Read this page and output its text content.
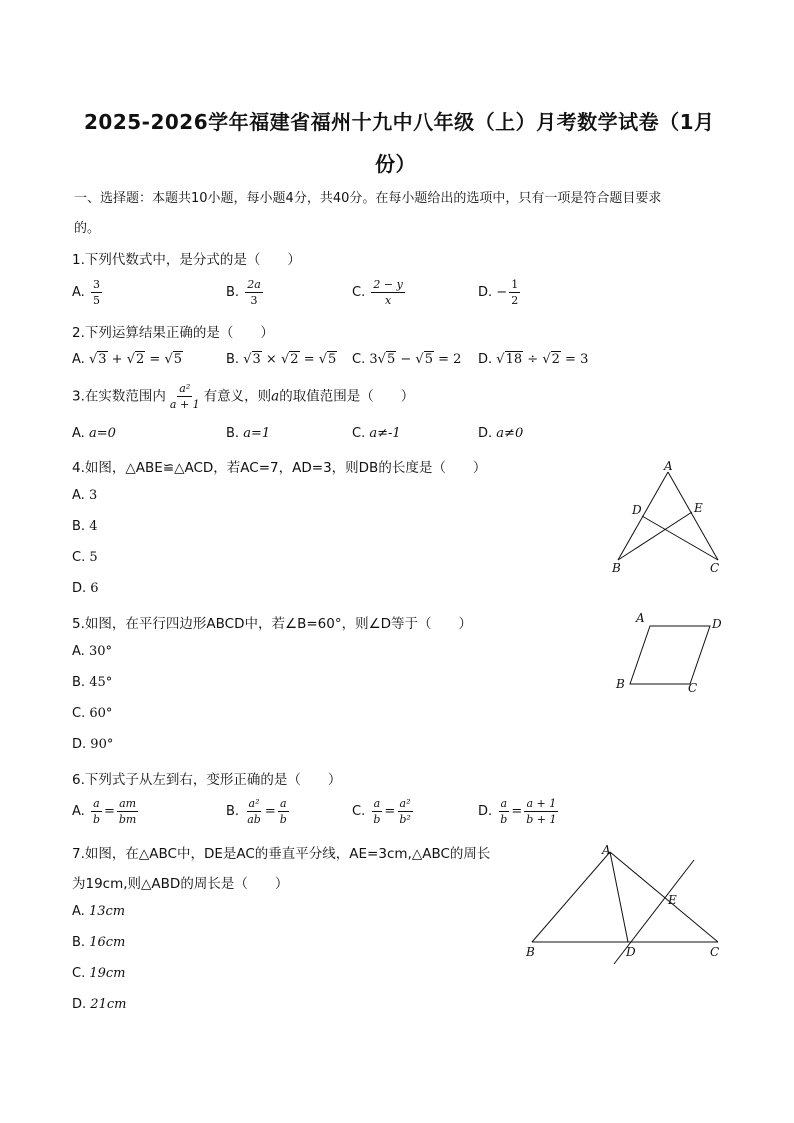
2025-2026学年福建省福州十九中八年级（上）月考数学试卷（1月
份）
一、选择题：本题共10小题，每小题4分，共40分。在每小题给出的选项中，只有一项是符合题目要求
的。
1.下列代数式中，是分式的是（　　）
A. $\frac{3}{5}$	B. $\frac{2a}{3}$	C. $\frac{2 - y}{x}$	D. − $\frac{1}{2}$
2.下列运算结果正确的是（　　）
A. √3 + √2 = √5	B. √3 × √2 = √5 C. 3√5 − √5 = 2 D. √18 ÷ √2 = 3
3.在实数范围内 $\frac{\text{a²}}{a + 1}$ 有意义，则a的取值范围是（　　）
A. a=0	B. a=1	C. a≠-1	D. a≠0
4.如图，△ABE≌△ACD，若AC=7，AD=3，则DB的长度是（　　）
A. 3
B. 4
C. 5
D. 6
A
B	C
D	E
5.如图，在平行四边形ABCD中，若∠B=60°，则∠D等于（　　）
A. 30°
B. 45°
C. 60°
D. 90°
A	D
B	C
6.下列式子从左到右，变形正确的是（　　）
A. $\frac{a}{b} = \frac{am}{bm}$	B. $\frac{\text{a²}}{ab} = \frac{a}{b}$	C. $\frac{a}{b} = \frac{\text{a²}}{\text{b²}}$	D. $\frac{a}{b} = \frac{a + 1}{b + 1}$
7.如图，在△ABC中，DE是AC的垂直平分线，AE=3cm,△ABC的周长
为19cm,则△ABD的周长是（　　）
A. 13cm
B. 16cm
C. 19cm
D. 21cm
A
B	D	C
E
